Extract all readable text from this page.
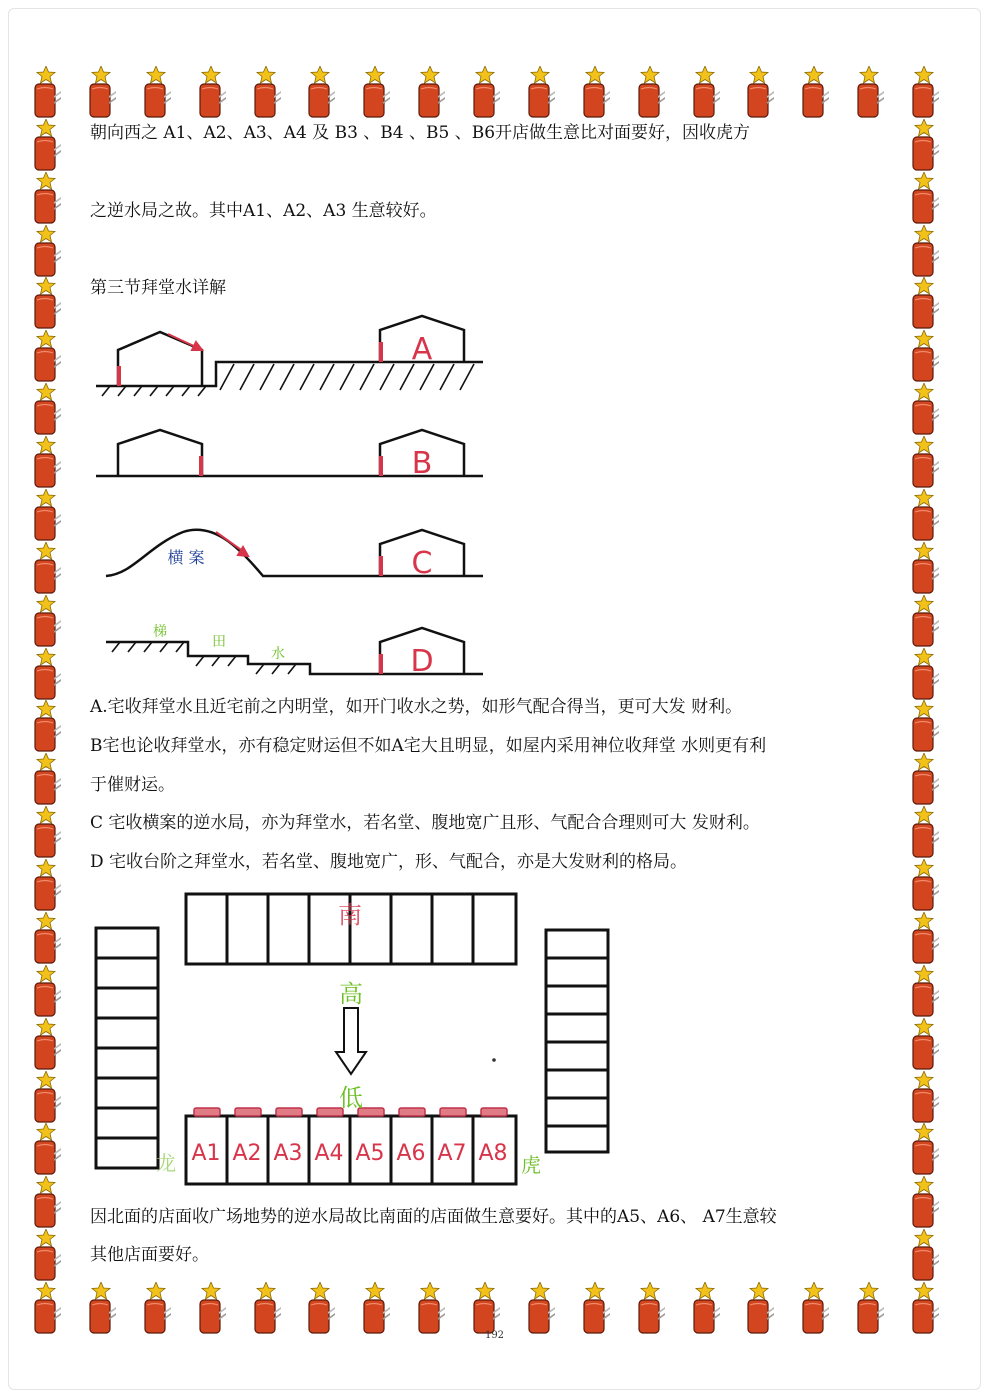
朝向西之 A1、A2、A3、A4 及 B3 、B4 、B5 、B6开店做生意比对面要好，因收虎方

之逆水局之故。其中A1、A2、A3 生意较好。

第三节拜堂水详解

A
B
C
D
横 案
梯
田
水

A.宅收拜堂水且近宅前之内明堂，如开门收水之势，如形气配合得当，更可大发 财利。

B宅也论收拜堂水，亦有稳定财运但不如A宅大且明显，如屋内采用神位收拜堂 水则更有利

于催财运。

C 宅收横案的逆水局，亦为拜堂水，若名堂、腹地宽广且形、气配合合理则可大 发财利。

D 宅收台阶之拜堂水，若名堂、腹地宽广，形、气配合，亦是大发财利的格局。

南
高
低
A1 A2 A3 A4 A5 A6 A7 A8
龙	虎

因北面的店面收广场地势的逆水局故比南面的店面做生意要好。其中的A5、A6、 A7生意较

其他店面要好。

192
